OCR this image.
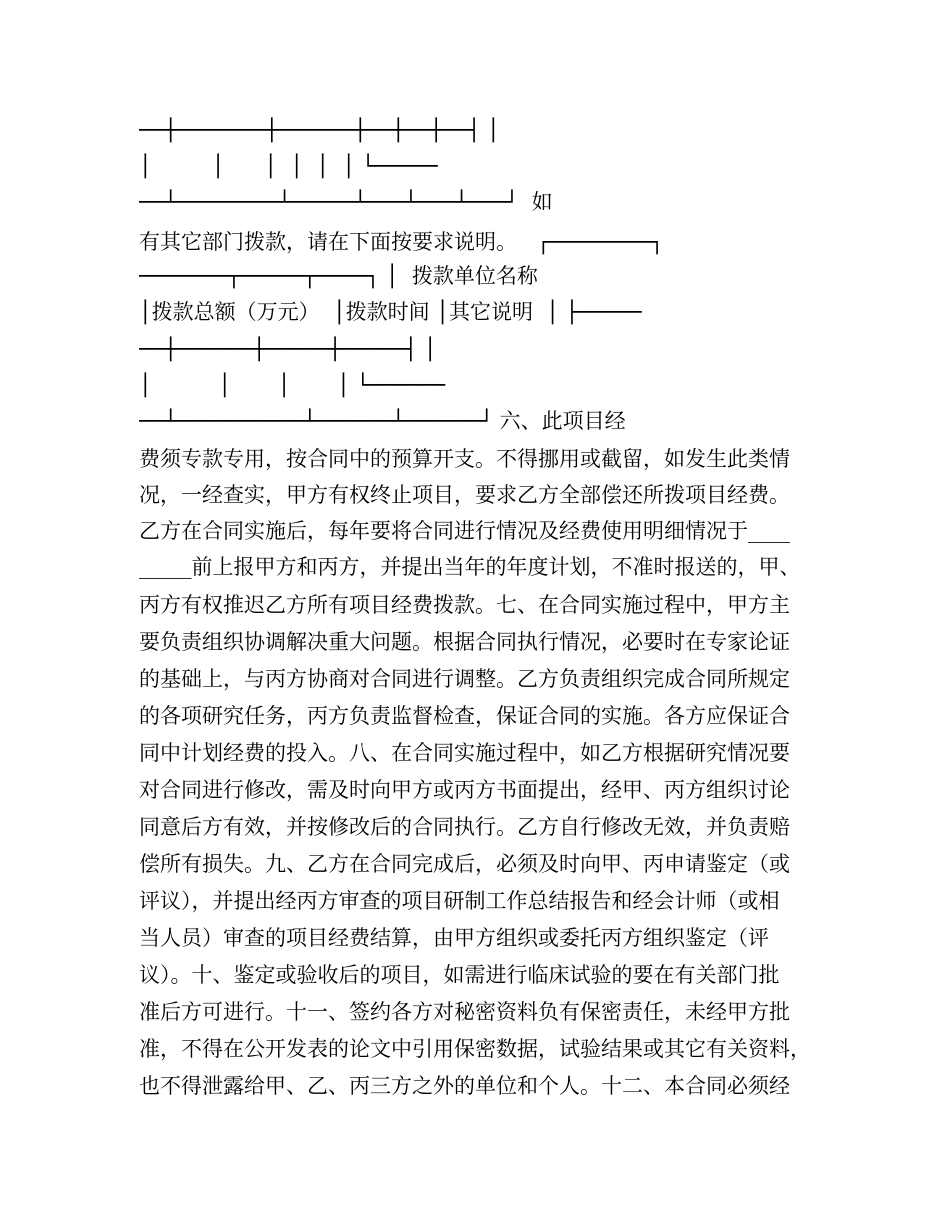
──┼───────┼──────┼──┼──┼──┤ │

│         │      │  │  │  │ └─────

──┴────────┴─────┴───┴───┴───┘  如

有其它部门拨款，请在下面按要求说明。   ┌────────┐

───────┬─────┬────┐ │  拨款单位名称

│拨款总额（万元）  │拨款时间 │其它说明  │ ├─────

──┼──────┼─────┼─────┤ │

│          │       │       │ └──────

──┴──────────┴──────┴──────┘ 六、此项目经

费须专款专用，按合同中的预算开支。不得挪用或截留，如发生此类情

况，一经查实，甲方有权终止项目，要求乙方全部偿还所拨项目经费。

乙方在合同实施后，每年要将合同进行情况及经费使用明细情况于____

_____前上报甲方和丙方，并提出当年的年度计划，不准时报送的，甲、

丙方有权推迟乙方所有项目经费拨款。七、在合同实施过程中，甲方主

要负责组织协调解决重大问题。根据合同执行情况，必要时在专家论证

的基础上，与丙方协商对合同进行调整。乙方负责组织完成合同所规定

的各项研究任务，丙方负责监督检查，保证合同的实施。各方应保证合

同中计划经费的投入。八、在合同实施过程中，如乙方根据研究情况要

对合同进行修改，需及时向甲方或丙方书面提出，经甲、丙方组织讨论

同意后方有效，并按修改后的合同执行。乙方自行修改无效，并负责赔

偿所有损失。九、乙方在合同完成后，必须及时向甲、丙申请鉴定（或

评议），并提出经丙方审查的项目研制工作总结报告和经会计师（或相

当人员）审查的项目经费结算，由甲方组织或委托丙方组织鉴定（评

议）。十、鉴定或验收后的项目，如需进行临床试验的要在有关部门批

准后方可进行。十一、签约各方对秘密资料负有保密责任，未经甲方批

准，不得在公开发表的论文中引用保密数据，试验结果或其它有关资料，

也不得泄露给甲、乙、丙三方之外的单位和个人。十二、本合同必须经
